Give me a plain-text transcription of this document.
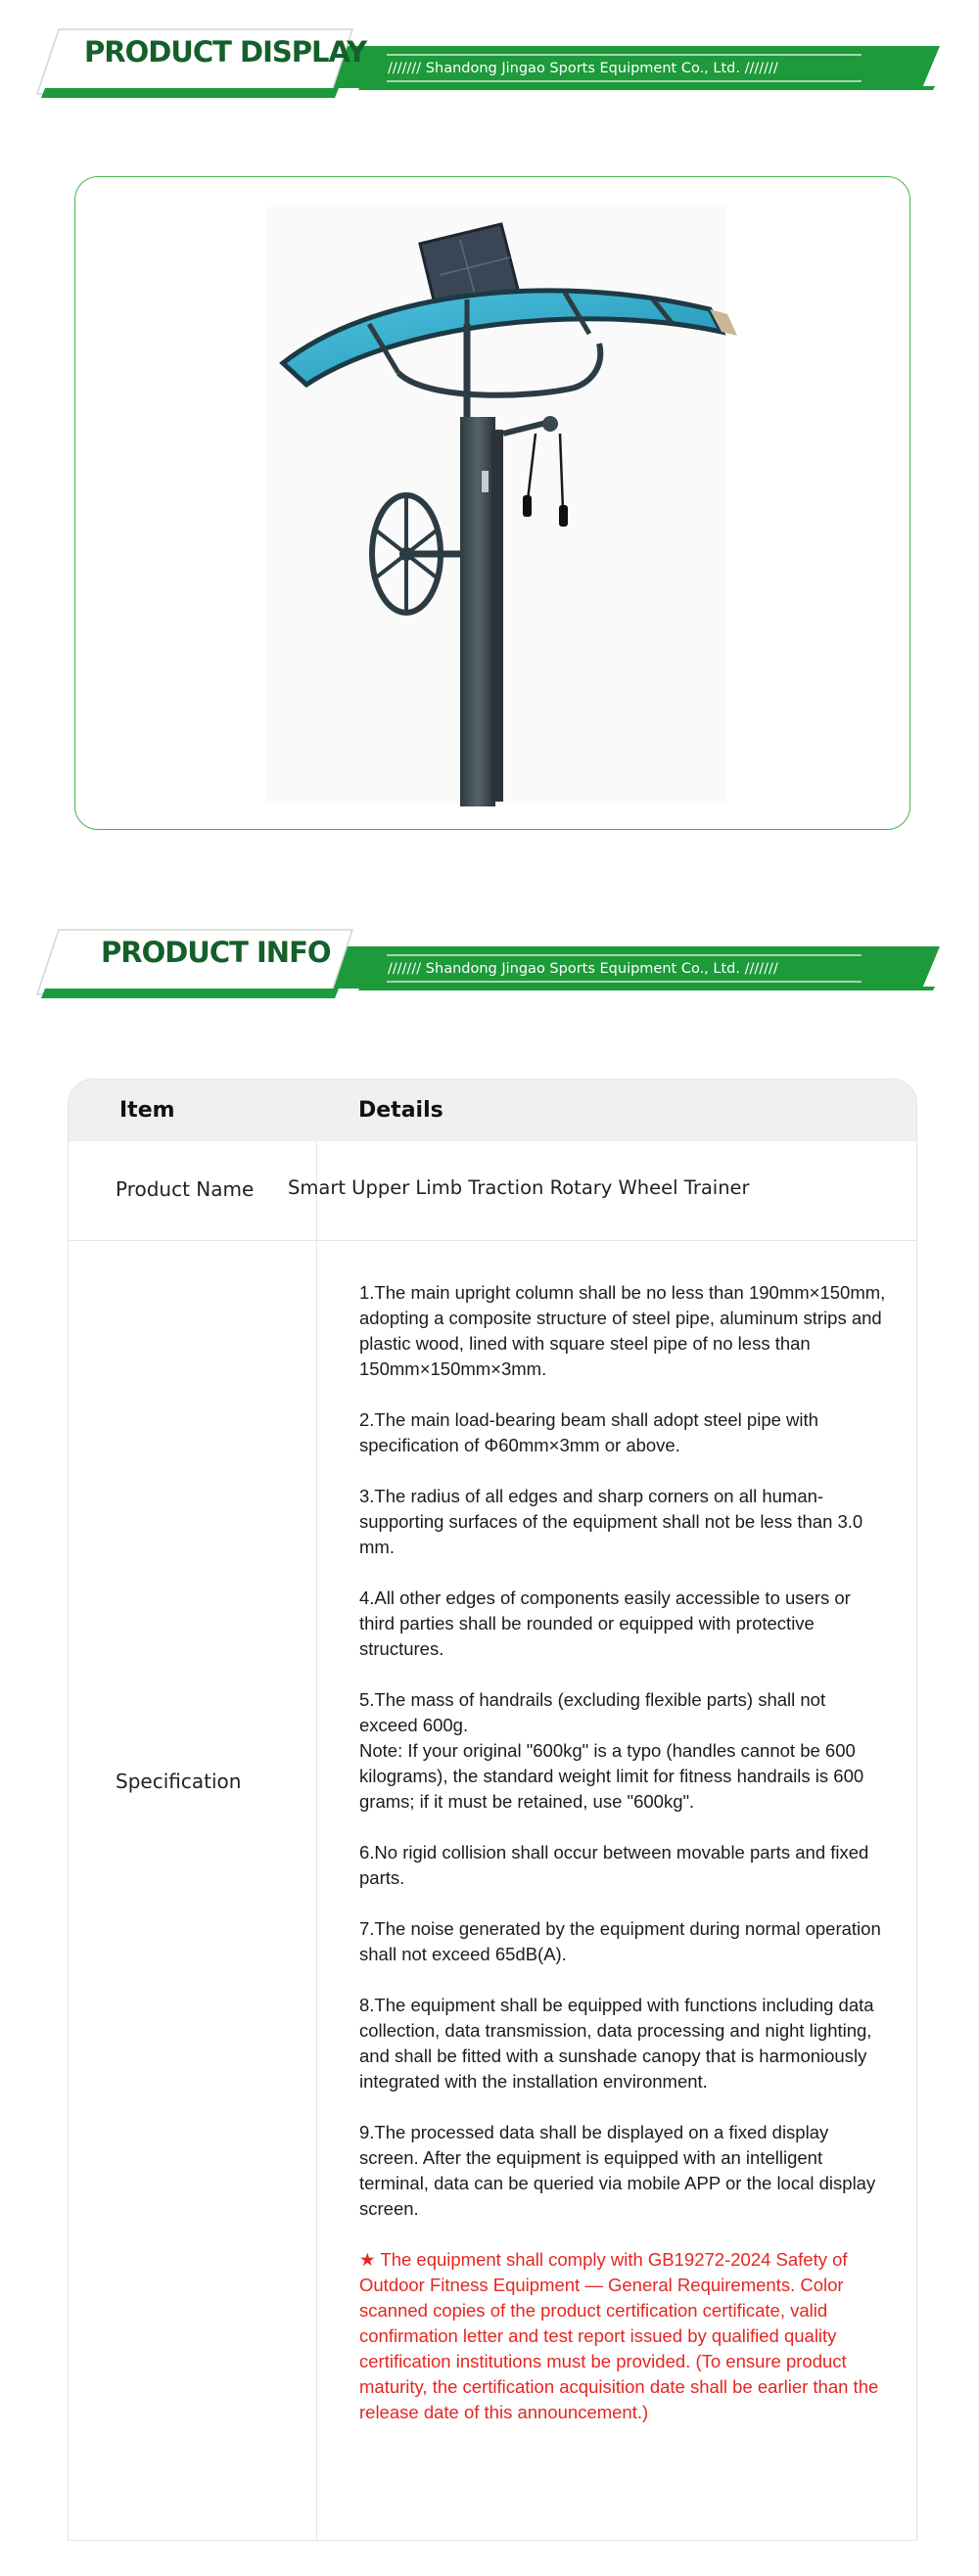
PRODUCT DISPLAY /////// Shandong Jingao Sports Equipment Co., Ltd. ///////
PRODUCT INFO	/////// Shandong Jingao Sports Equipment Co., Ltd. ///////
Item	Details
Product Name
Specification
Smart Upper Limb Traction Rotary Wheel Trainer

1.The main upright column shall be no less than 190mm×150mm, adopting a composite structure of steel pipe, aluminum strips and plastic wood, lined with square steel pipe of no less than 150mm×150mm×3mm.

2.The main load-bearing beam shall adopt steel pipe with specification of Φ60mm×3mm or above.

3.The radius of all edges and sharp corners on all human-supporting surfaces of the equipment shall not be less than 3.0 mm.

4.All other edges of components easily accessible to users or third parties shall be rounded or equipped with protective structures.

5.The mass of handrails (excluding flexible parts) shall not exceed 600g.
Note: If your original "600kg" is a typo (handles cannot be 600 kilograms), the standard weight limit for fitness handrails is 600 grams; if it must be retained, use "600kg".

6.No rigid collision shall occur between movable parts and fixed parts.

7.The noise generated by the equipment during normal operation shall not exceed 65dB(A).

8.The equipment shall be equipped with functions including data collection, data transmission, data processing and night lighting, and shall be fitted with a sunshade canopy that is harmoniously integrated with the installation environment.

9.The processed data shall be displayed on a fixed display screen. After the equipment is equipped with an intelligent terminal, data can be queried via mobile APP or the local display screen.

★ The equipment shall comply with GB19272-2024 Safety of Outdoor Fitness Equipment — General Requirements. Color scanned copies of the product certification certificate, valid confirmation letter and test report issued by qualified quality certification institutions must be provided. (To ensure product maturity, the certification acquisition date shall be earlier than the release date of this announcement.)
